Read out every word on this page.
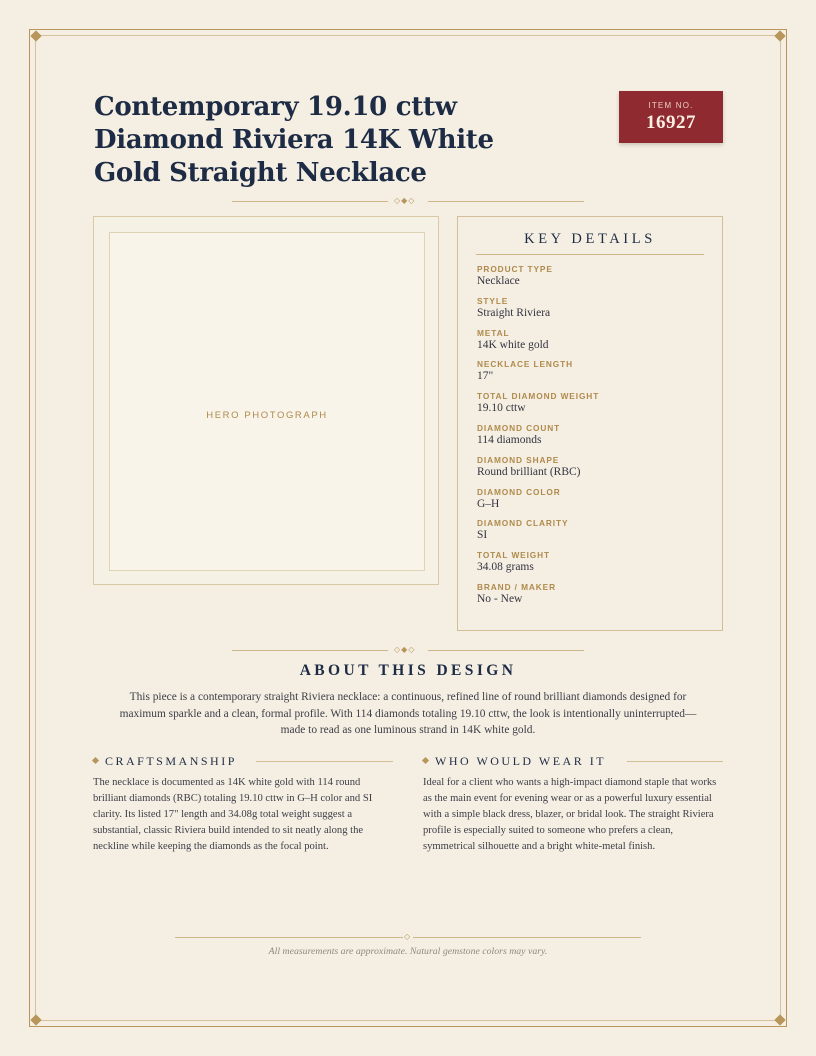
Contemporary 19.10 cttw Diamond Riviera 14K White Gold Straight Necklace
ITEM NO.
16927
◇◆◇
HERO PHOTOGRAPH
KEY DETAILS
PRODUCT TYPE
Necklace
STYLE
Straight Riviera
METAL
14K white gold
NECKLACE LENGTH
17"
TOTAL DIAMOND WEIGHT
19.10 cttw
DIAMOND COUNT
114 diamonds
DIAMOND SHAPE
Round brilliant (RBC)
DIAMOND COLOR
G–H
DIAMOND CLARITY
SI
TOTAL WEIGHT
34.08 grams
BRAND / MAKER
No - New
◇◆◇
ABOUT THIS DESIGN

This piece is a contemporary straight Riviera necklace: a continuous, refined line of round brilliant diamonds designed for maximum sparkle and a clean, formal profile. With 114 diamonds totaling 19.10 cttw, the look is intentionally uninterrupted—made to read as one luminous strand in 14K white gold.

CRAFTSMANSHIP

The necklace is documented as 14K white gold with 114 round brilliant diamonds (RBC) totaling 19.10 cttw in G–H color and SI clarity. Its listed 17" length and 34.08g total weight suggest a substantial, classic Riviera build intended to sit neatly along the neckline while keeping the diamonds as the focal point.

WHO WOULD WEAR IT

Ideal for a client who wants a high-impact diamond staple that works as the main event for evening wear or as a powerful luxury essential with a simple black dress, blazer, or bridal look. The straight Riviera profile is especially suited to someone who prefers a clean, symmetrical silhouette and a bright white-metal finish.

◇

All measurements are approximate. Natural gemstone colors may vary.
